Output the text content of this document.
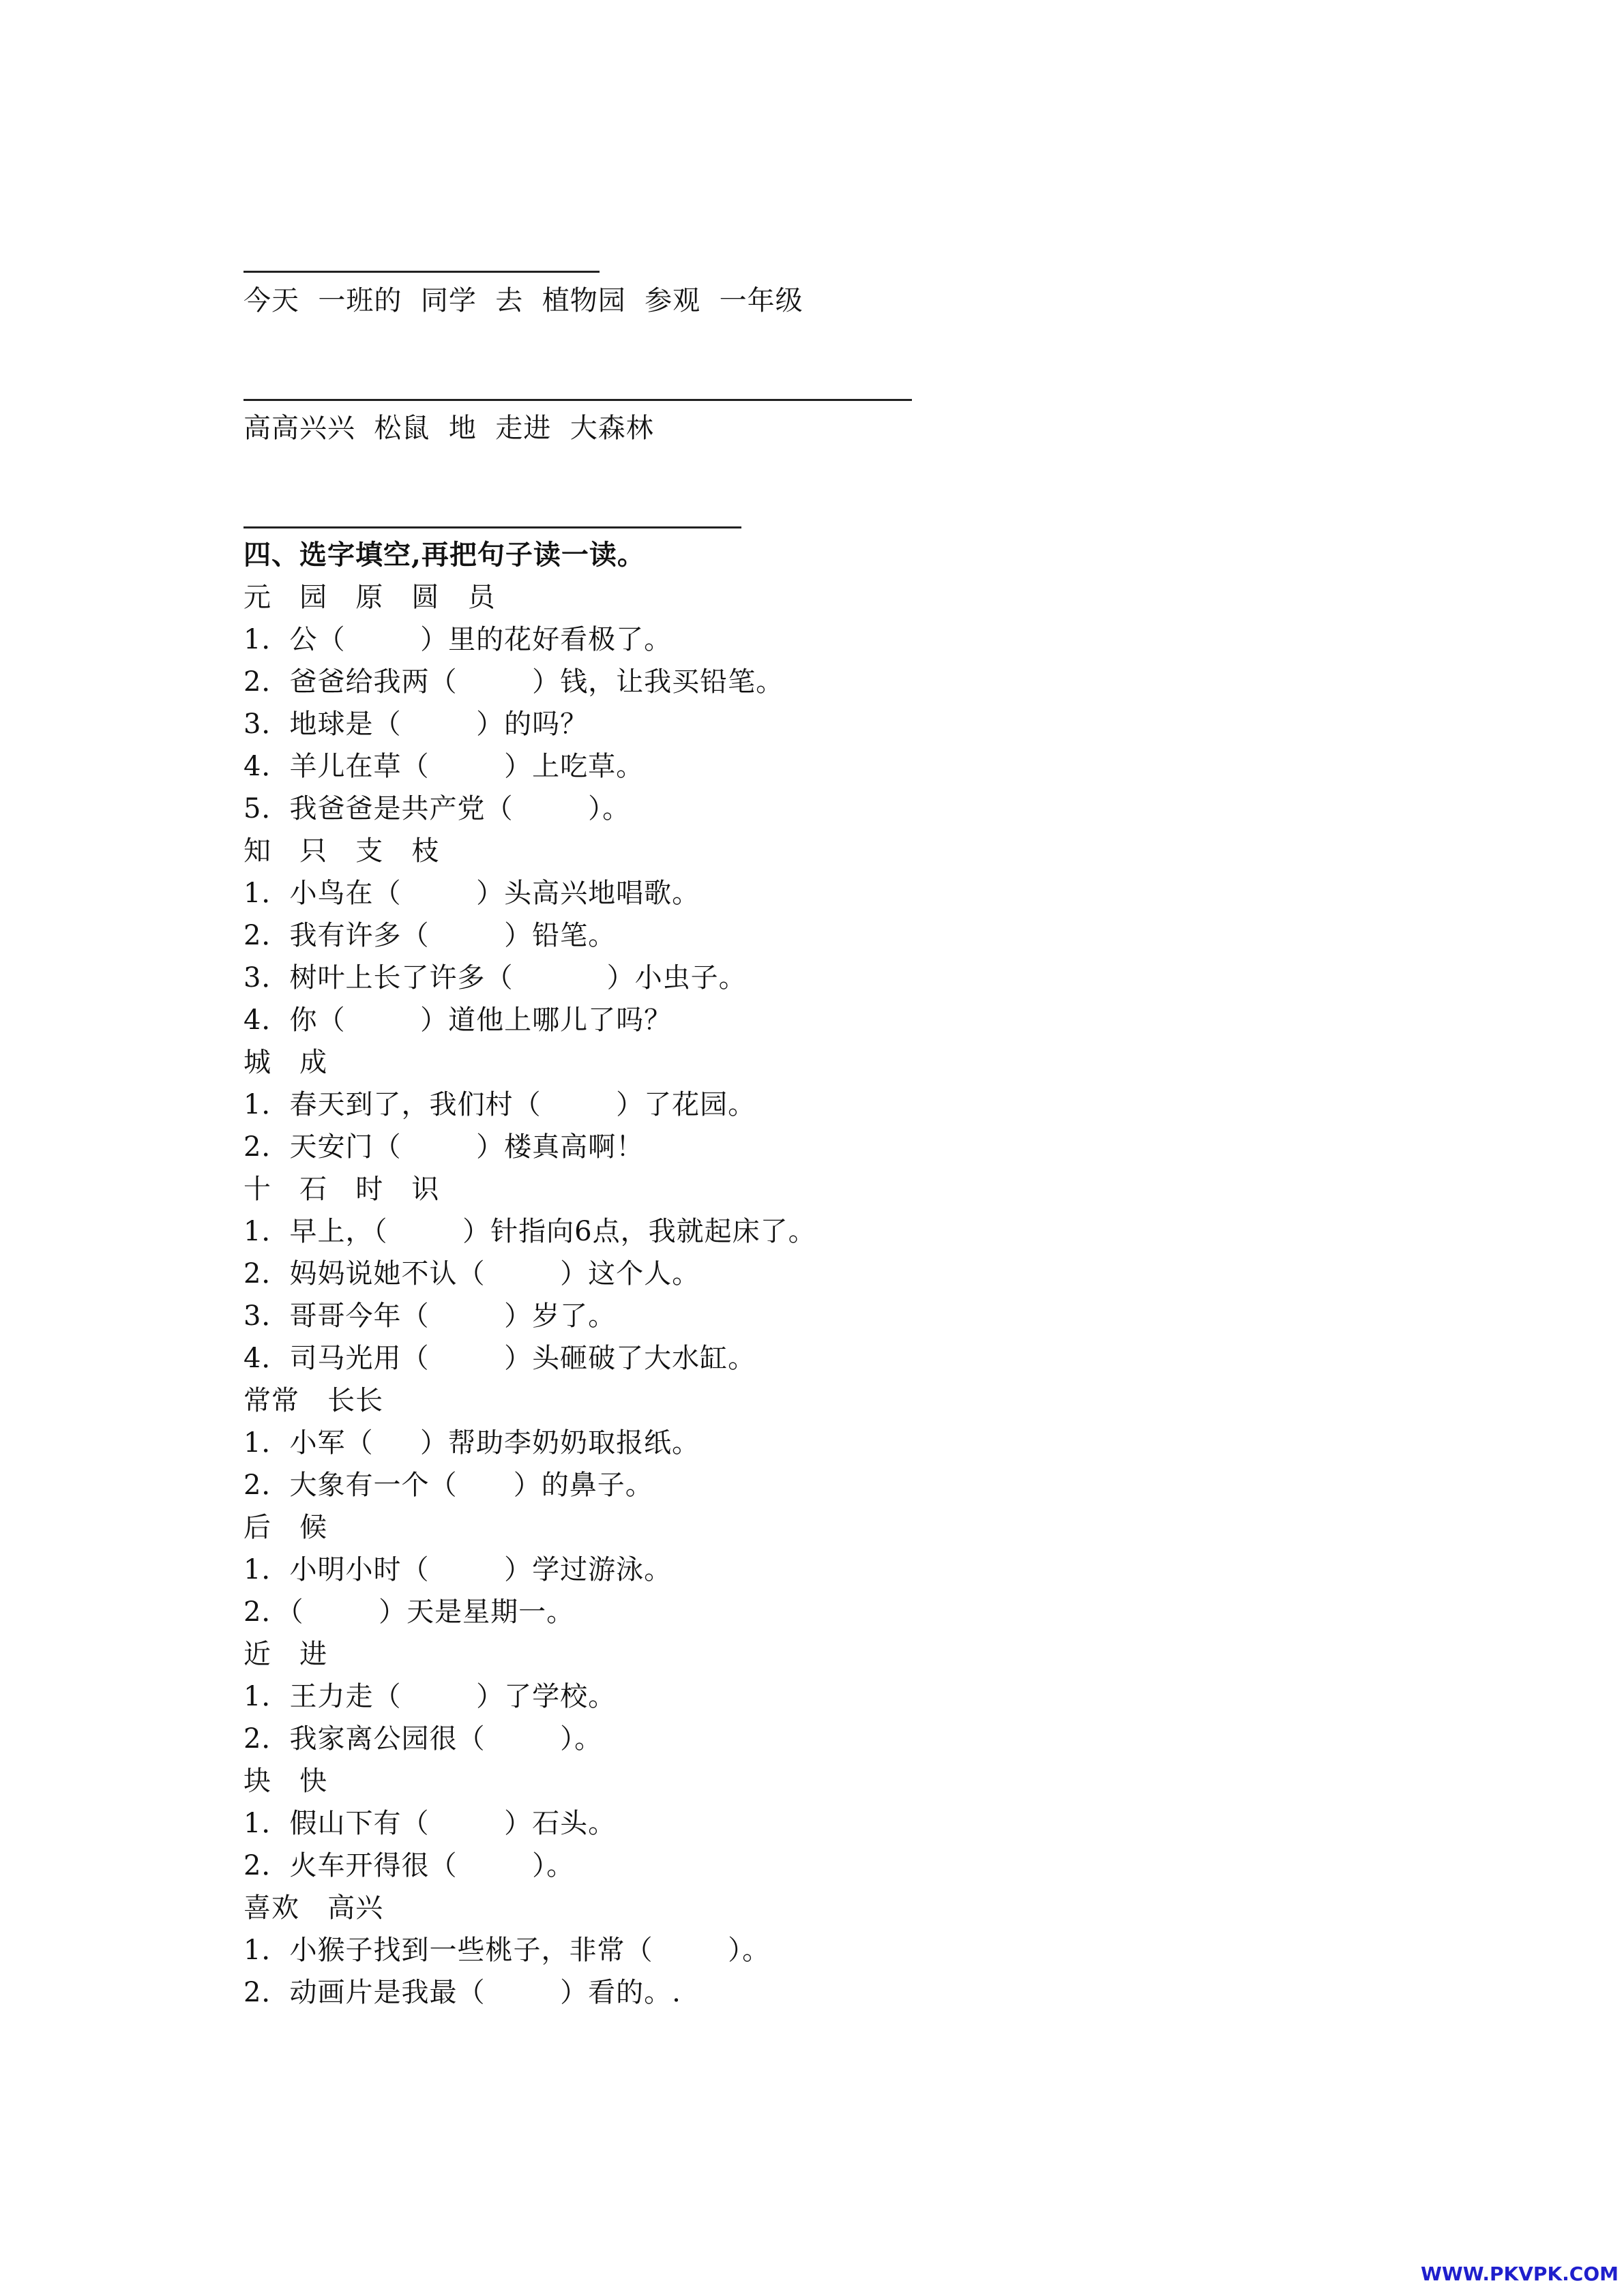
今天  一班的  同学  去  植物园  参观  一年级
高高兴兴  松鼠  地  走进  大森林
四、选字填空,再把句子读一读。
元   园   原   圆   员
1．公（        ）里的花好看极了。
2．爸爸给我两（        ）钱，让我买铅笔。
3．地球是（        ）的吗？
4．羊儿在草（        ）上吃草。
5．我爸爸是共产党（        ）。
知   只   支   枝
1．小鸟在（        ）头高兴地唱歌。
2．我有许多（        ）铅笔。
3．树叶上长了许多（          ）小虫子。
4．你（        ）道他上哪儿了吗？
城   成
1．春天到了，我们村（        ）了花园。
2．天安门（        ）楼真高啊！
十   石   时   识
1．早上，（        ）针指向6点，我就起床了。
2．妈妈说她不认（        ）这个人。
3．哥哥今年（        ）岁了。
4．司马光用（        ）头砸破了大水缸。
常常   长长
1．小军（     ）帮助李奶奶取报纸。
2．大象有一个（      ）的鼻子。
后   候
1．小明小时（        ）学过游泳。
2．（        ）天是星期一。
近   进
1．王力走（        ）了学校。
2．我家离公园很（        ）。
块   快
1．假山下有（        ）石头。
2．火车开得很（        ）。
喜欢   高兴
1．小猴子找到一些桃子，非常（        ）。
2．动画片是我最（        ）看的。.
WWW.PKVPK.COM
